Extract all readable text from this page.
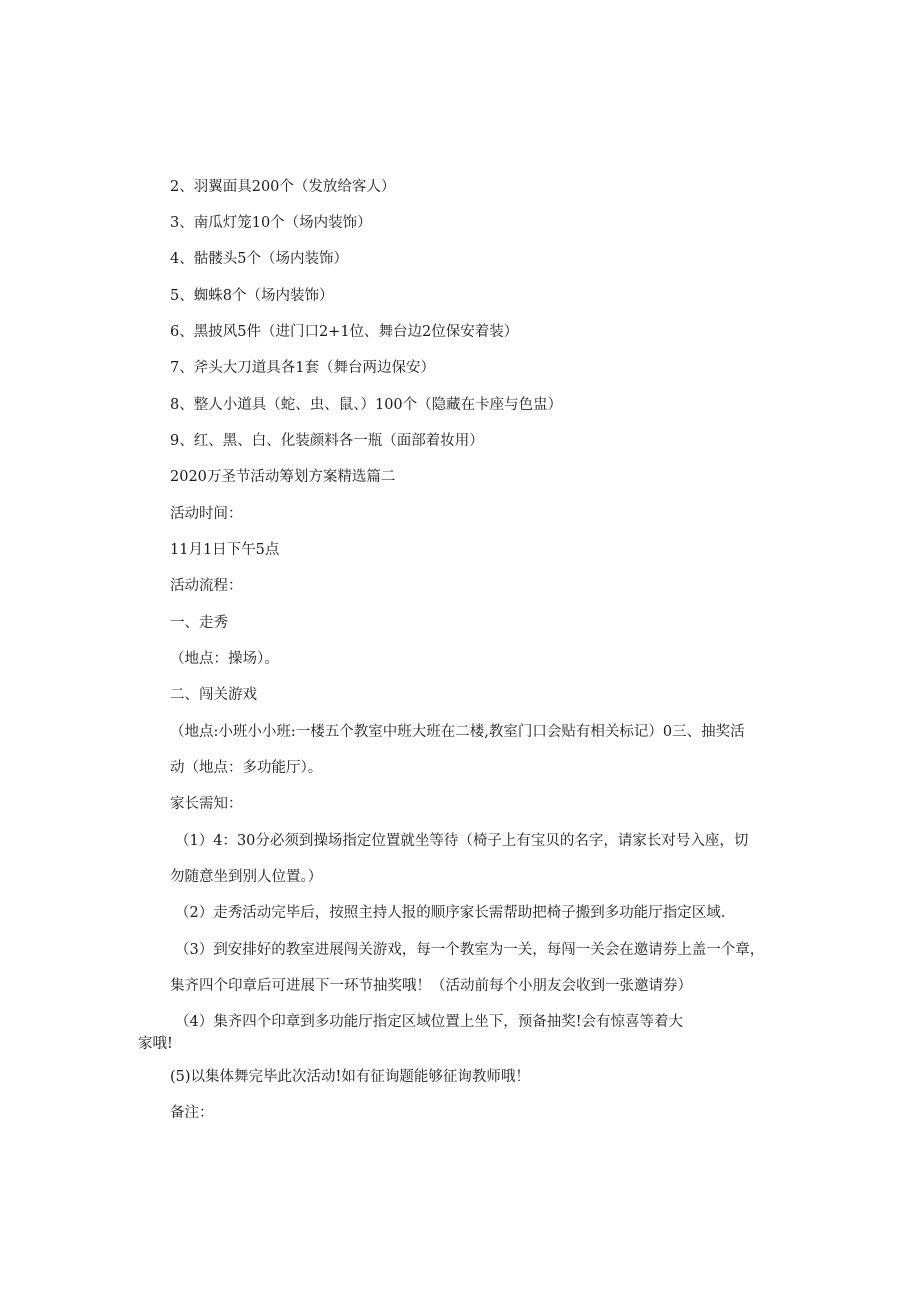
2、羽翼面具200个（发放给客人）
3、南瓜灯笼10个（场内装饰）
4、骷髅头5个（场内装饰）
5、蜘蛛8个（场内装饰）
6、黑披风5件（进门口2+1位、舞台边2位保安着装）
7、斧头大刀道具各1套（舞台两边保安）
8、整人小道具（蛇、虫、鼠、）100个（隐藏在卡座与色盅）
9、红、黑、白、化装颜料各一瓶（面部着妆用）
2020万圣节活动筹划方案精选篇二
活动时间：
11月1日下午5点
活动流程：
一、走秀
（地点：操场）。
二、闯关游戏
（地点:小班小小班:一楼五个教室中班大班在二楼,教室门口会贴有相关标记）0三、抽奖活
动（地点：多功能厅）。
家长需知：
（1）4：30分必须到操场指定位置就坐等待（椅子上有宝贝的名字，请家长对号入座，切
勿随意坐到别人位置。）
（2）走秀活动完毕后，按照主持人报的顺序家长需帮助把椅子搬到多功能厅指定区域.
（3）到安排好的教室进展闯关游戏，每一个教室为一关，每闯一关会在邀请券上盖一个章，
集齐四个印章后可进展下一环节抽奖哦！（活动前每个小朋友会收到一张邀请券）
（4）集齐四个印章到多功能厅指定区域位置上坐下，预备抽奖!会有惊喜等着大
家哦!
(5)以集体舞完毕此次活动!如有征询题能够征询教师哦！
备注：
